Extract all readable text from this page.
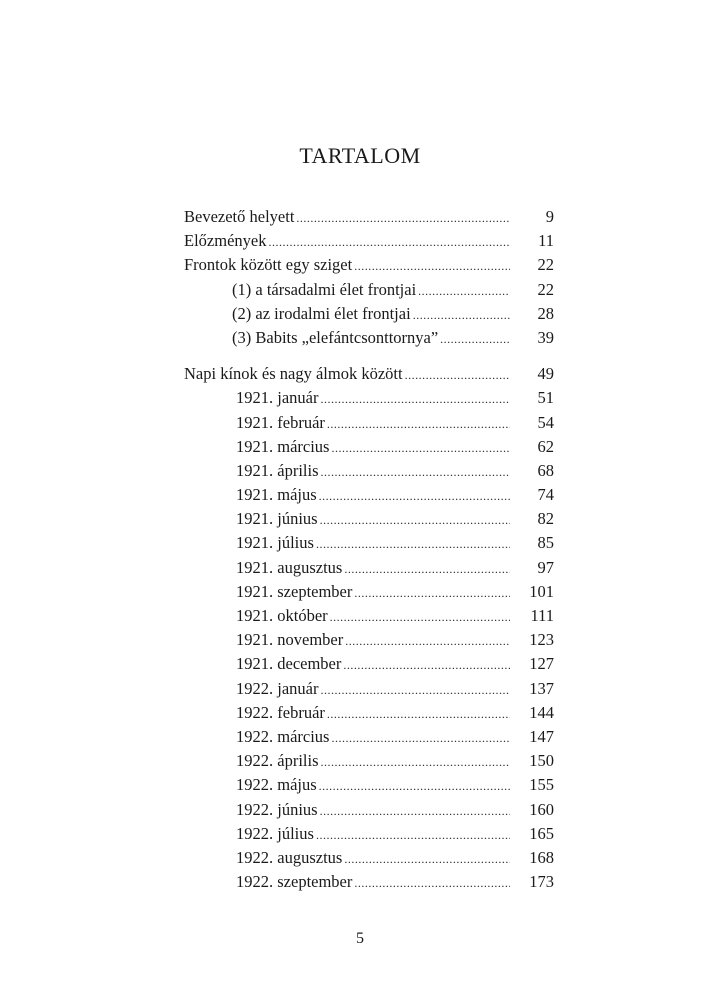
TARTALOM
Bevezető helyett .....	9
Előzmények .....	11
Frontok között egy sziget .....	22
(1) a társadalmi élet frontjai .....	22
(2) az irodalmi élet frontjai .....	28
(3) Babits „elefántcsonttornya” .....	39
Napi kínok és nagy álmok között .....	49
1921. január .....	51
1921. február .....	54
1921. március .....	62
1921. április .....	68
1921. május .....	74
1921. június .....	82
1921. július .....	85
1921. augusztus .....	97
1921. szeptember .....	101
1921. október .....	111
1921. november .....	123
1921. december .....	127
1922. január .....	137
1922. február .....	144
1922. március .....	147
1922. április .....	150
1922. május .....	155
1922. június .....	160
1922. július .....	165
1922. augusztus .....	168
1922. szeptember .....	173
5
